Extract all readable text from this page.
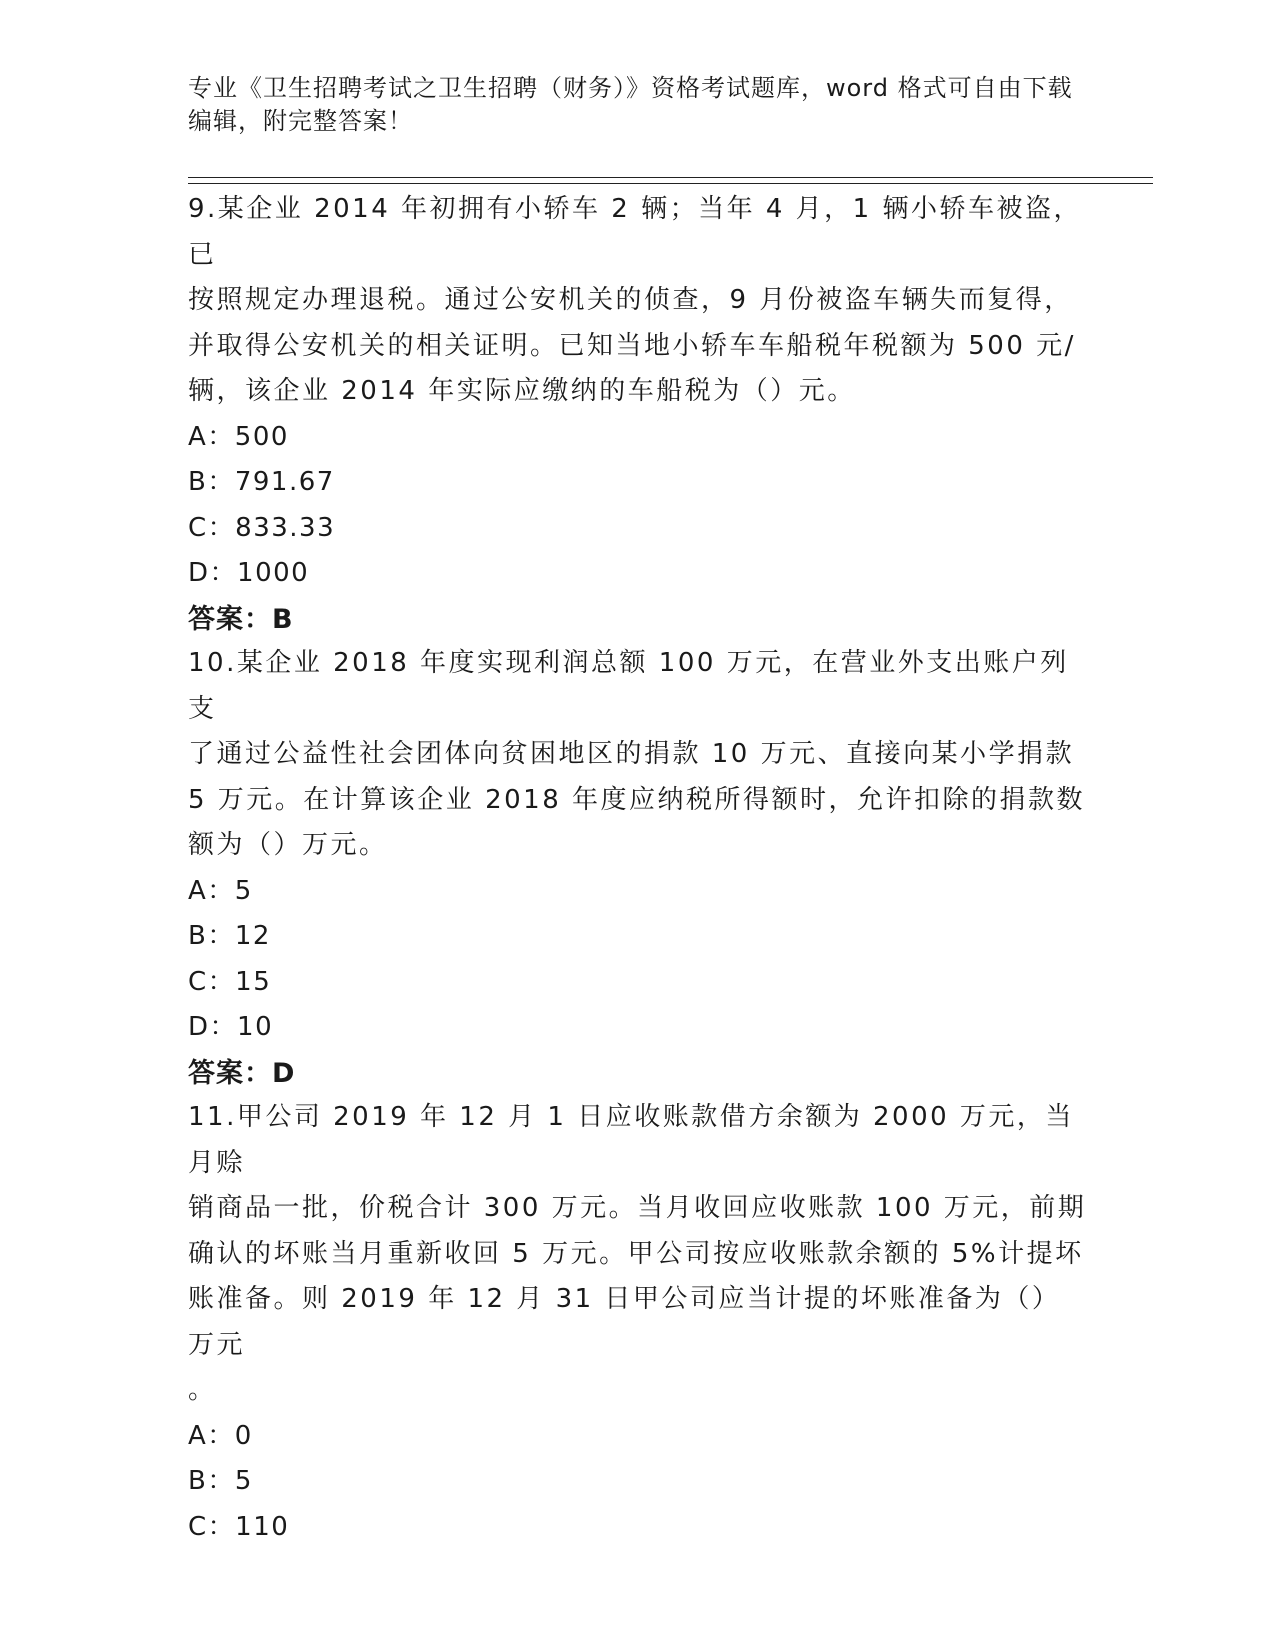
专业《卫生招聘考试之卫生招聘（财务）》资格考试题库，word 格式可自由下载
编辑，附完整答案！
9.某企业 2014 年初拥有小轿车 2 辆；当年 4 月，1 辆小轿车被盗，已
按照规定办理退税。通过公安机关的侦查，9 月份被盗车辆失而复得，
并取得公安机关的相关证明。已知当地小轿车车船税年税额为 500 元/
辆，该企业 2014 年实际应缴纳的车船税为（）元。
A：500
B：791.67
C：833.33
D：1000
答案：B
10.某企业 2018 年度实现利润总额 100 万元，在营业外支出账户列支
了通过公益性社会团体向贫困地区的捐款 10 万元、直接向某小学捐款
5 万元。在计算该企业 2018 年度应纳税所得额时，允许扣除的捐款数
额为（）万元。
A：5
B：12
C：15
D：10
答案：D
11.甲公司 2019 年 12 月 1 日应收账款借方余额为 2000 万元，当月赊
销商品一批，价税合计 300 万元。当月收回应收账款 100 万元，前期
确认的坏账当月重新收回 5 万元。甲公司按应收账款余额的 5%计提坏
账准备。则 2019 年 12 月 31 日甲公司应当计提的坏账准备为（）万元
。
A：0
B：5
C：110
